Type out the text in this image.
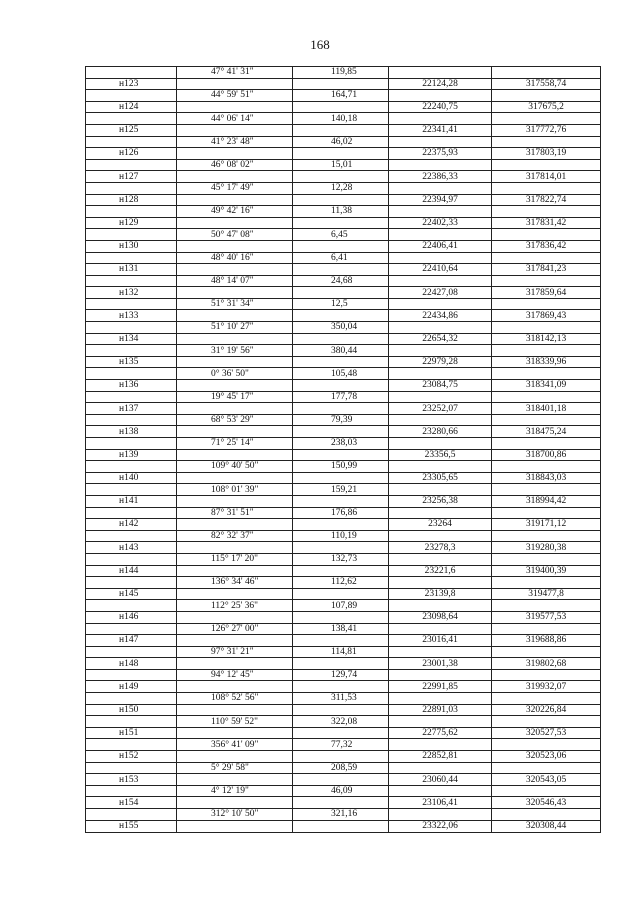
168
	47° 41' 31"	119,85		
н123			22124,28	317558,74
	44° 59' 51"	164,71		
н124			22240,75	317675,2
	44° 06' 14"	140,18		
н125			22341,41	317772,76
	41° 23' 48"	46,02		
н126			22375,93	317803,19
	46° 08' 02"	15,01		
н127			22386,33	317814,01
	45° 17' 49"	12,28		
н128			22394,97	317822,74
	49° 42' 16"	11,38		
н129			22402,33	317831,42
	50° 47' 08"	6,45		
н130			22406,41	317836,42
	48° 40' 16"	6,41		
н131			22410,64	317841,23
	48° 14' 07"	24,68		
н132			22427,08	317859,64
	51° 31' 34"	12,5		
н133			22434,86	317869,43
	51° 10' 27"	350,04		
н134			22654,32	318142,13
	31° 19' 56"	380,44		
н135			22979,28	318339,96
	0° 36' 50"	105,48		
н136			23084,75	318341,09
	19° 45' 17"	177,78		
н137			23252,07	318401,18
	68° 53' 29"	79,39		
н138			23280,66	318475,24
	71° 25' 14"	238,03		
н139			23356,5	318700,86
	109° 40' 50"	150,99		
н140			23305,65	318843,03
	108° 01' 39"	159,21		
н141			23256,38	318994,42
	87° 31' 51"	176,86		
н142			23264	319171,12
	82° 32' 37"	110,19		
н143			23278,3	319280,38
	115° 17' 20"	132,73		
н144			23221,6	319400,39
	136° 34' 46"	112,62		
н145			23139,8	319477,8
	112° 25' 36"	107,89		
н146			23098,64	319577,53
	126° 27' 00"	138,41		
н147			23016,41	319688,86
	97° 31' 21"	114,81		
н148			23001,38	319802,68
	94° 12' 45"	129,74		
н149			22991,85	319932,07
	108° 52' 56"	311,53		
н150			22891,03	320226,84
	110° 59' 52"	322,08		
н151			22775,62	320527,53
	356° 41' 09"	77,32		
н152			22852,81	320523,06
	5° 29' 58"	208,59		
н153			23060,44	320543,05
	4° 12' 19"	46,09		
н154			23106,41	320546,43
	312° 10' 50"	321,16		
н155			23322,06	320308,44
